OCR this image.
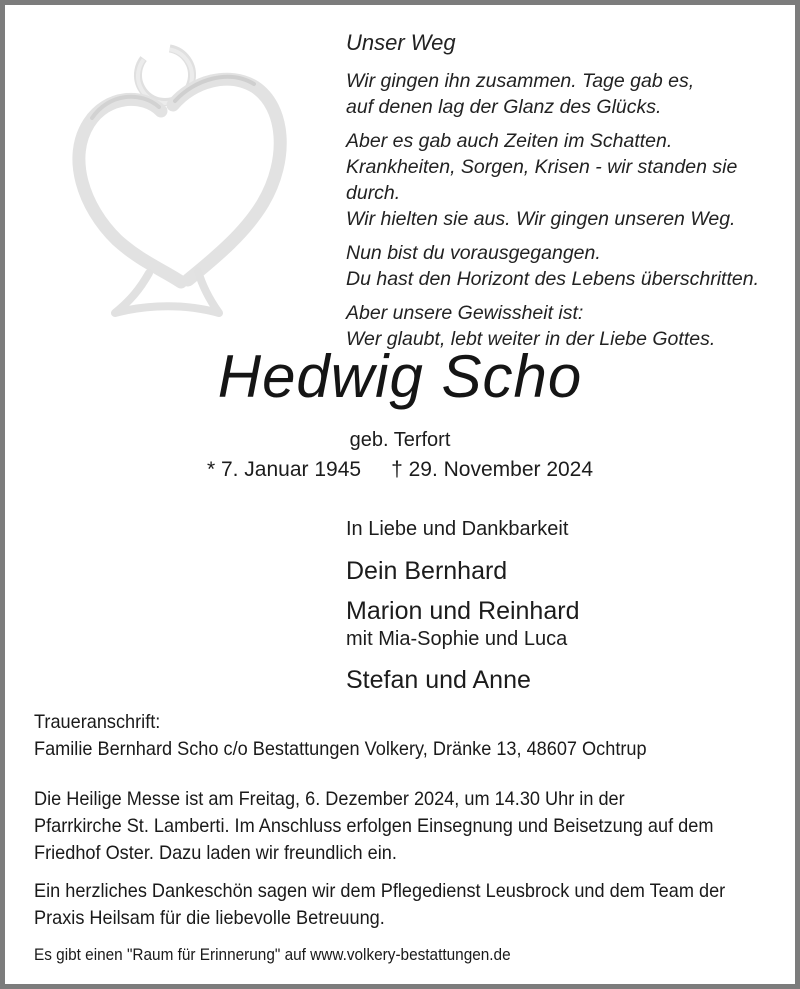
Unser Weg
Wir gingen ihn zusammen. Tage gab es,
auf denen lag der Glanz des Glücks.
Aber es gab auch Zeiten im Schatten.
Krankheiten, Sorgen, Krisen - wir standen sie durch.
Wir hielten sie aus. Wir gingen unseren Weg.
Nun bist du vorausgegangen.
Du hast den Horizont des Lebens überschritten.
Aber unsere Gewissheit ist:
Wer glaubt, lebt weiter in der Liebe Gottes.
Hedwig Scho
geb. Terfort
* 7. Januar 1945 † 29. November 2024
In Liebe und Dankbarkeit
Dein Bernhard
Marion und Reinhard
mit Mia-Sophie und Luca
Stefan und Anne
Traueranschrift:
Familie Bernhard Scho c/o Bestattungen Volkery, Dränke 13, 48607 Ochtrup
Die Heilige Messe ist am Freitag, 6. Dezember 2024, um 14.30 Uhr in der
Pfarrkirche St. Lamberti. Im Anschluss erfolgen Einsegnung und Beisetzung auf dem
Friedhof Oster. Dazu laden wir freundlich ein.
Ein herzliches Dankeschön sagen wir dem Pflegedienst Leusbrock und dem Team der
Praxis Heilsam für die liebevolle Betreuung.
Es gibt einen "Raum für Erinnerung" auf www.volkery-bestattungen.de
